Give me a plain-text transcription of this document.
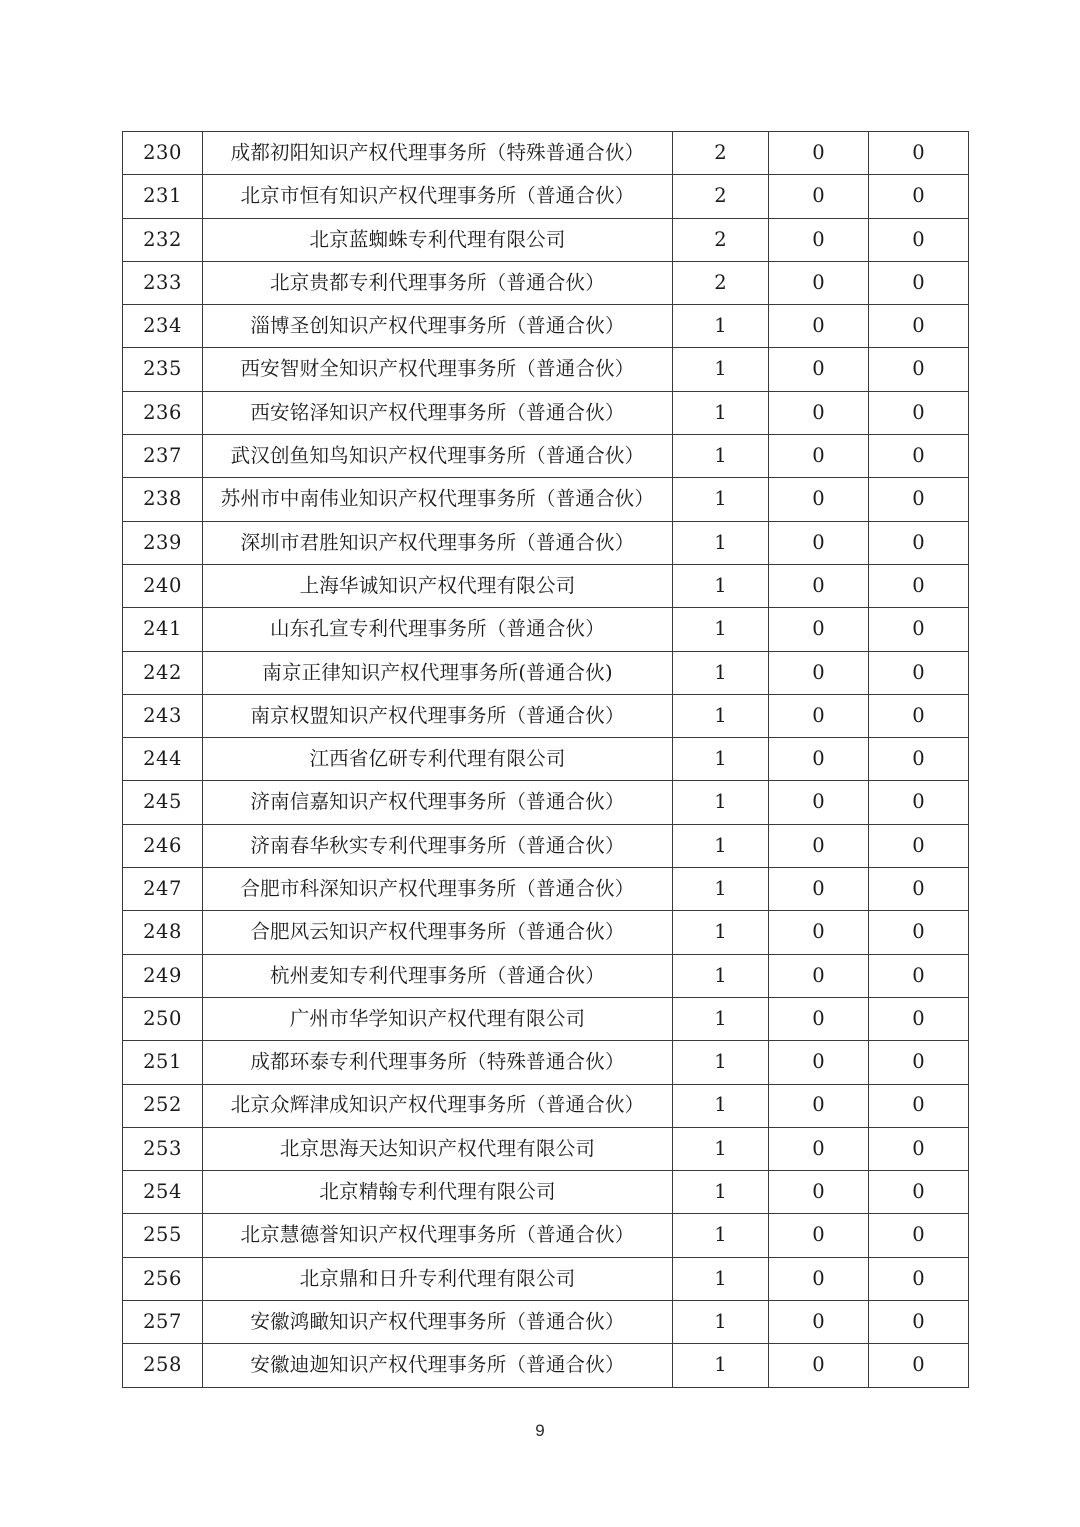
230	成都初阳知识产权代理事务所（特殊普通合伙）	2	0	0
231	北京市恒有知识产权代理事务所（普通合伙）	2	0	0
232	北京蓝蜘蛛专利代理有限公司	2	0	0
233	北京贵都专利代理事务所（普通合伙）	2	0	0
234	淄博圣创知识产权代理事务所（普通合伙）	1	0	0
235	西安智财全知识产权代理事务所（普通合伙）	1	0	0
236	西安铭泽知识产权代理事务所（普通合伙）	1	0	0
237	武汉创鱼知鸟知识产权代理事务所（普通合伙）	1	0	0
238	苏州市中南伟业知识产权代理事务所（普通合伙）	1	0	0
239	深圳市君胜知识产权代理事务所（普通合伙）	1	0	0
240	上海华诚知识产权代理有限公司	1	0	0
241	山东孔宣专利代理事务所（普通合伙）	1	0	0
242	南京正律知识产权代理事务所(普通合伙)	1	0	0
243	南京权盟知识产权代理事务所（普通合伙）	1	0	0
244	江西省亿研专利代理有限公司	1	0	0
245	济南信嘉知识产权代理事务所（普通合伙）	1	0	0
246	济南春华秋实专利代理事务所（普通合伙）	1	0	0
247	合肥市科深知识产权代理事务所（普通合伙）	1	0	0
248	合肥风云知识产权代理事务所（普通合伙）	1	0	0
249	杭州麦知专利代理事务所（普通合伙）	1	0	0
250	广州市华学知识产权代理有限公司	1	0	0
251	成都环泰专利代理事务所（特殊普通合伙）	1	0	0
252	北京众辉津成知识产权代理事务所（普通合伙）	1	0	0
253	北京思海天达知识产权代理有限公司	1	0	0
254	北京精翰专利代理有限公司	1	0	0
255	北京慧德誉知识产权代理事务所（普通合伙）	1	0	0
256	北京鼎和日升专利代理有限公司	1	0	0
257	安徽鸿瞰知识产权代理事务所（普通合伙）	1	0	0
258	安徽迪迦知识产权代理事务所（普通合伙）	1	0	0
9
